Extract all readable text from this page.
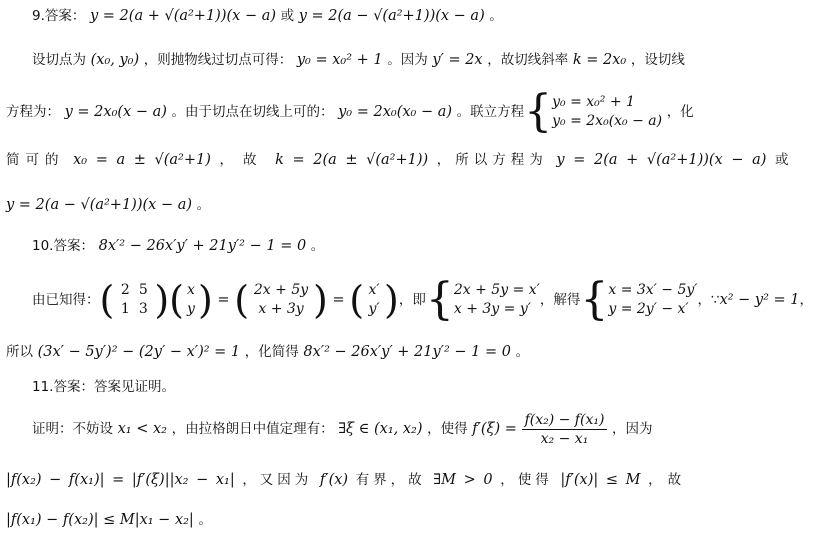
9.答案： y = 2(a + √(a²+1))(x − a) 或 y = 2(a − √(a²+1))(x − a) 。
设切点为 (x₀, y₀) ，则抛物线过切点可得： y₀ = x₀² + 1 。因为 y′ = 2x ，故切线斜率 k = 2x₀ ，设切线
方程为： y = 2x₀(x − a) 。由于切点在切线上可的： y₀ = 2x₀(x₀ − a) 。联立方程{ y₀ = x₀² + 1
y₀ = 2x₀(x₀ − a)
，化
简可的 x₀ = a ± √(a²+1) ，故 k = 2(a ± √(a²+1)) ，所以方程为 y = 2(a + √(a²+1))(x − a) 或
y = 2(a − √(a²+1))(x − a) 。
10.答案： 8x′² − 26x′y′ + 21y′² − 1 = 0 。
由已知得：( 2 5
1 3 )( x
y) = ( 2x + 5y
x + 3y ) = ( x′
y′ )，即{ 2x + 5y = x′
x + 3y = y′
，解得{ x = 3x′ − 5y′
y = 2y′ − x′
，∵x² − y² = 1，
所以 (3x′ − 5y′)² − (2y′ − x′)² = 1 ，化简得 8x′² − 26x′y′ + 21y′² − 1 = 0 。
11.答案：答案见证明。
证明：不妨设 x₁ < x₂ ，由拉格朗日中值定理有： ∃ξ ∈ (x₁, x₂) ，使得 $f'(\xi) = \frac{\text{f(x₂) − f(x₁)}}{\text{x₂ − x₁}}$ ，因为
|f(x₂) − f(x₁)| = |f′(ξ)||x₂ − x₁| ，又因为 f′(x) 有界，故 ∃M > 0 ，使得 |f′(x)| ≤ M ，故
|f(x₁) − f(x₂)| ≤ M|x₁ − x₂| 。
